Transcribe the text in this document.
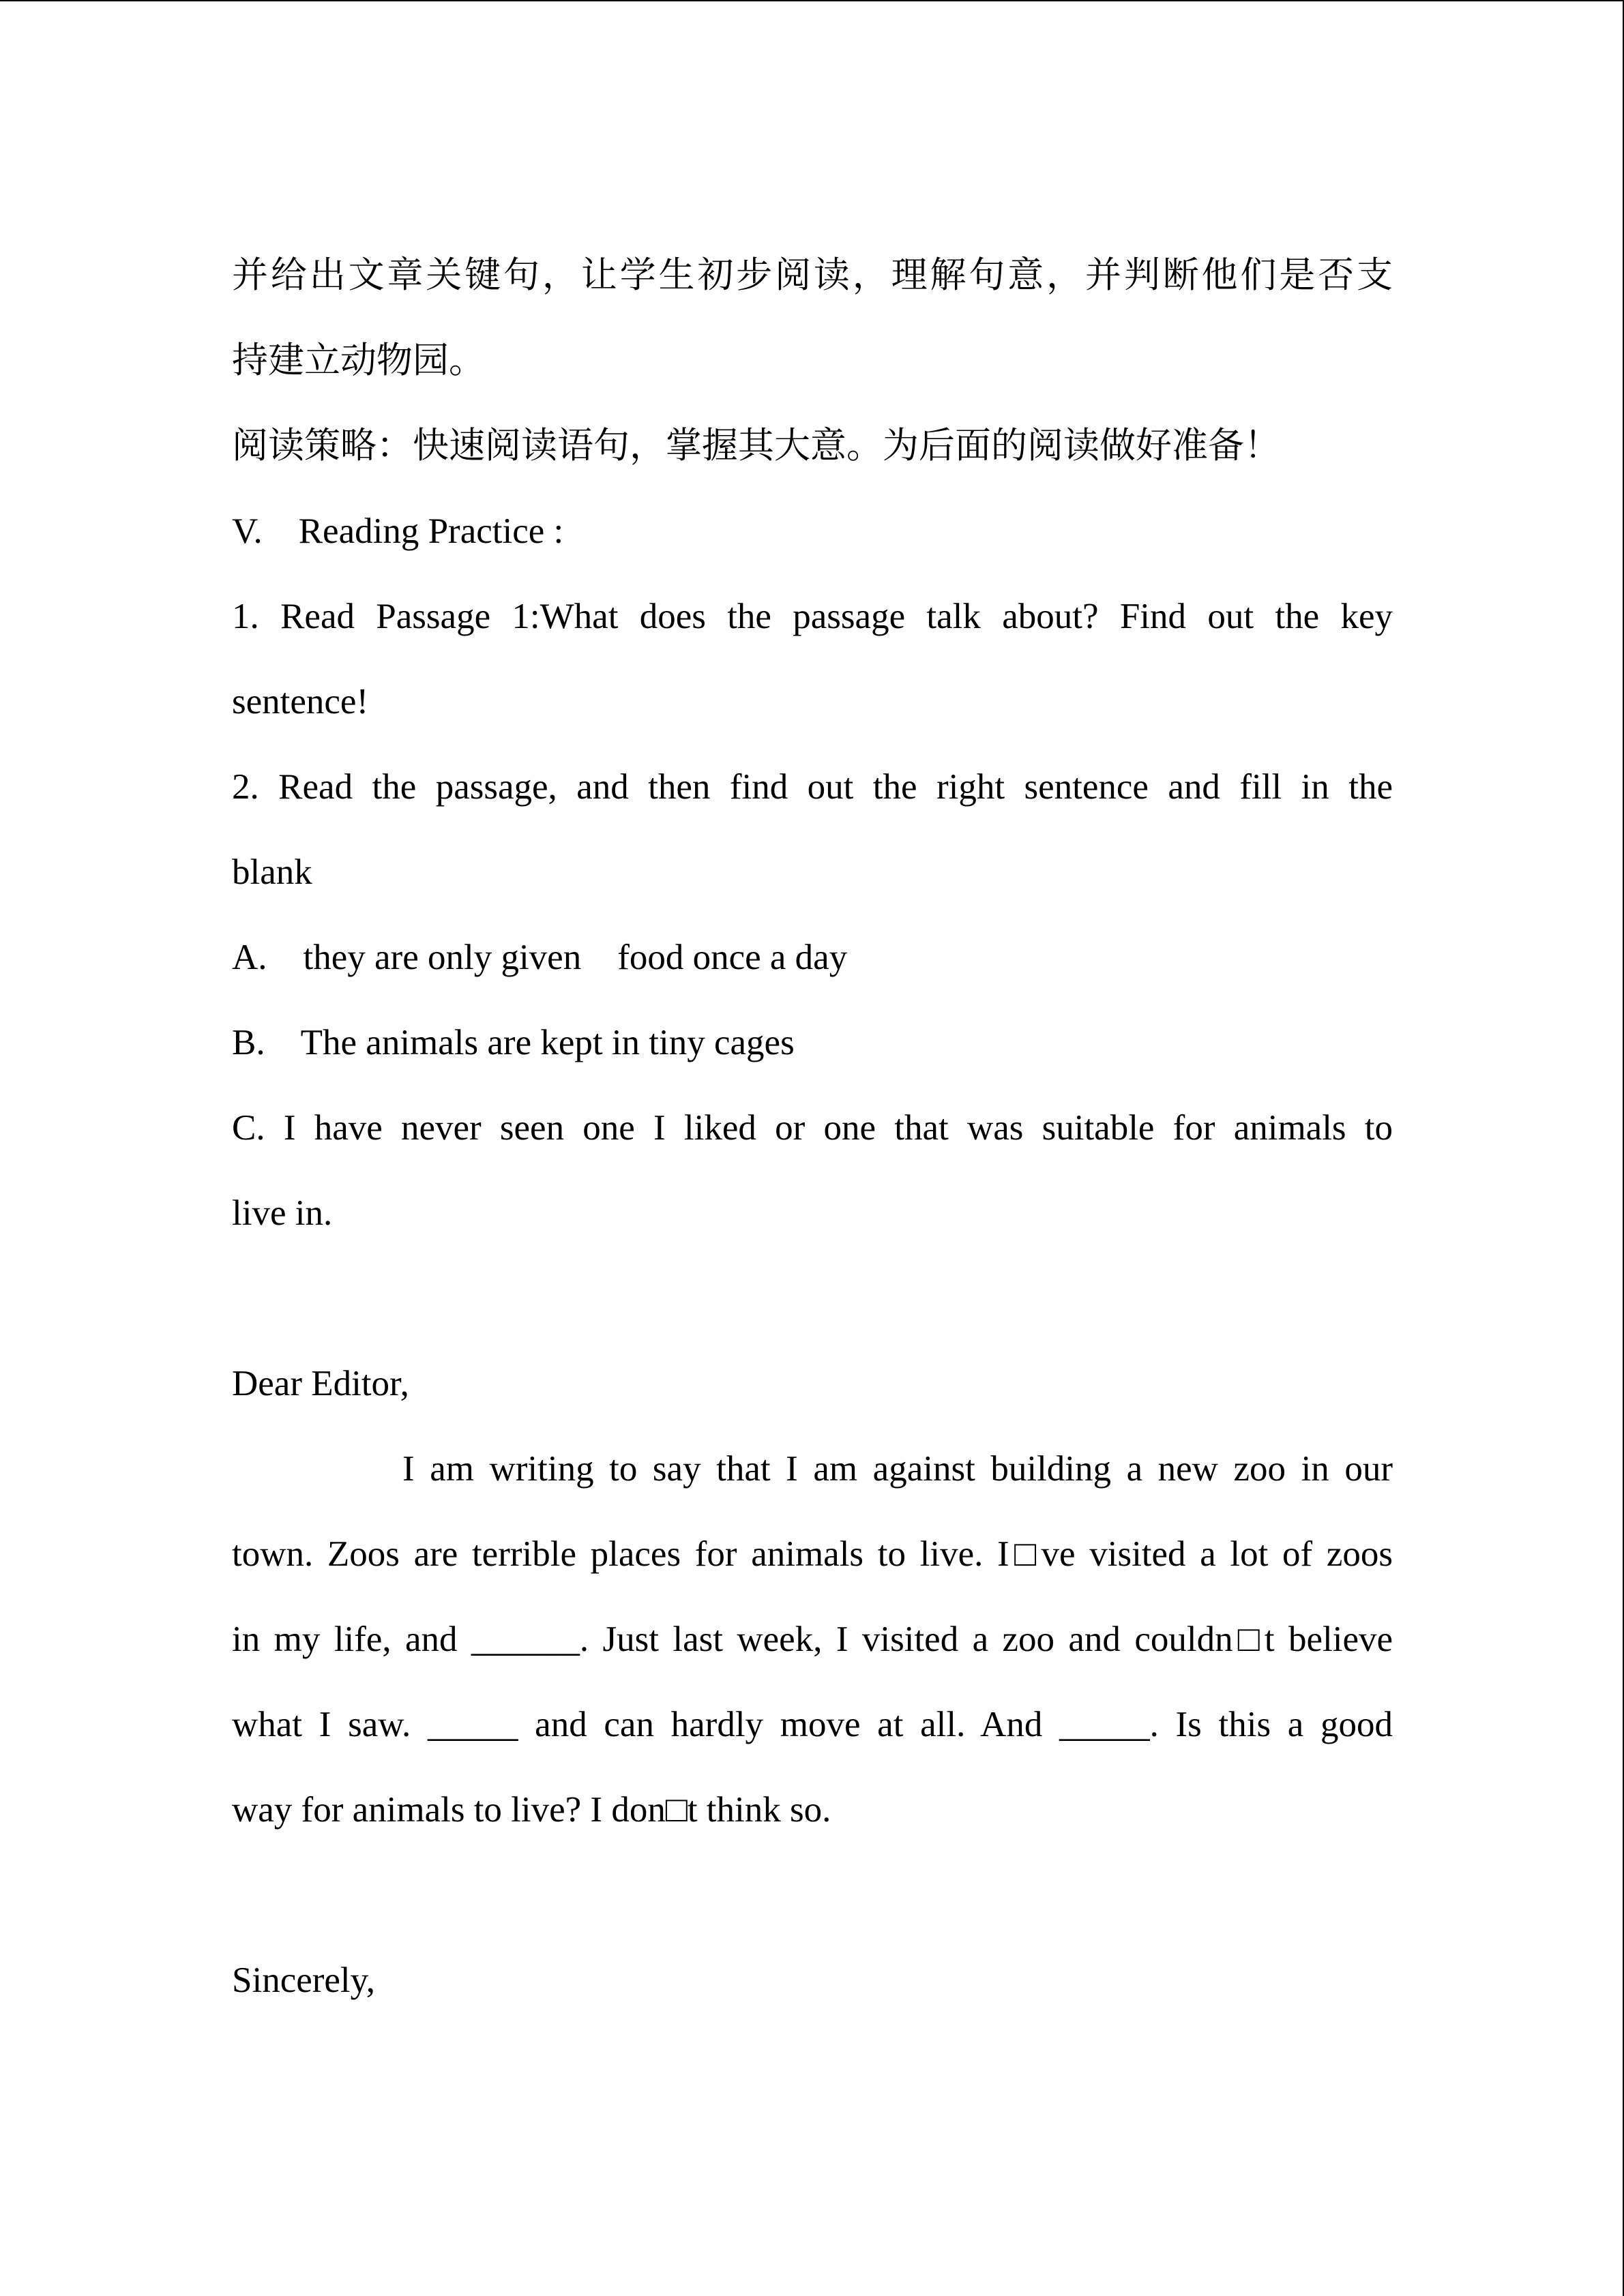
并给出文章关键句，让学生初步阅读，理解句意，并判断他们是否支

持建立动物园。

阅读策略：快速阅读语句，掌握其大意。为后面的阅读做好准备！

V.    Reading Practice :

1. Read Passage 1:What does the passage talk about? Find out the key

sentence!

2. Read the passage, and then find out the right sentence and fill in the

blank

A.    they are only given    food once a day

B.    The animals are kept in tiny cages

C. I have never seen one I liked or one that was suitable for animals to

live in.

Dear Editor,

I am writing to say that I am against building a new zoo in our

town. Zoos are terrible places for animals to live. I□ve visited a lot of zoos

in my life, and ______. Just last week, I visited a zoo and couldn□t believe

what I saw. _____ and can hardly move at all. And _____. Is this a good

way for animals to live? I don□t think so.

Sincerely,
